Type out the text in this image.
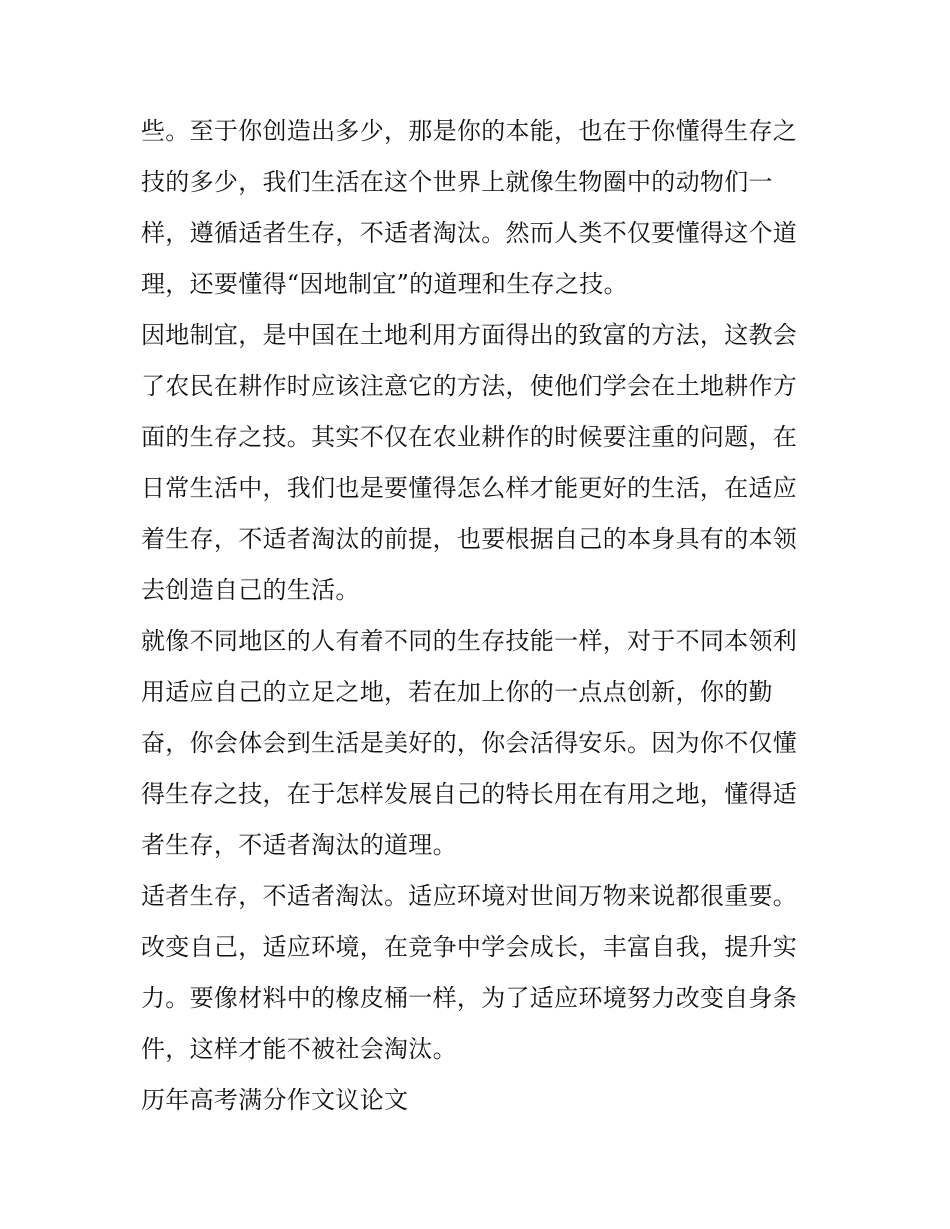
些。至于你创造出多少，那是你的本能，也在于你懂得生存之
技的多少，我们生活在这个世界上就像生物圈中的动物们一
样，遵循适者生存，不适者淘汰。然而人类不仅要懂得这个道
理，还要懂得“因地制宜”的道理和生存之技。
因地制宜，是中国在土地利用方面得出的致富的方法，这教会
了农民在耕作时应该注意它的方法，使他们学会在土地耕作方
面的生存之技。其实不仅在农业耕作的时候要注重的问题，在
日常生活中，我们也是要懂得怎么样才能更好的生活，在适应
着生存，不适者淘汰的前提，也要根据自己的本身具有的本领
去创造自己的生活。
就像不同地区的人有着不同的生存技能一样，对于不同本领利
用适应自己的立足之地，若在加上你的一点点创新，你的勤
奋，你会体会到生活是美好的，你会活得安乐。因为你不仅懂
得生存之技，在于怎样发展自己的特长用在有用之地，懂得适
者生存，不适者淘汰的道理。
适者生存，不适者淘汰。适应环境对世间万物来说都很重要。
改变自己，适应环境，在竞争中学会成长，丰富自我，提升实
力。要像材料中的橡皮桶一样，为了适应环境努力改变自身条
件，这样才能不被社会淘汰。
历年高考满分作文议论文
